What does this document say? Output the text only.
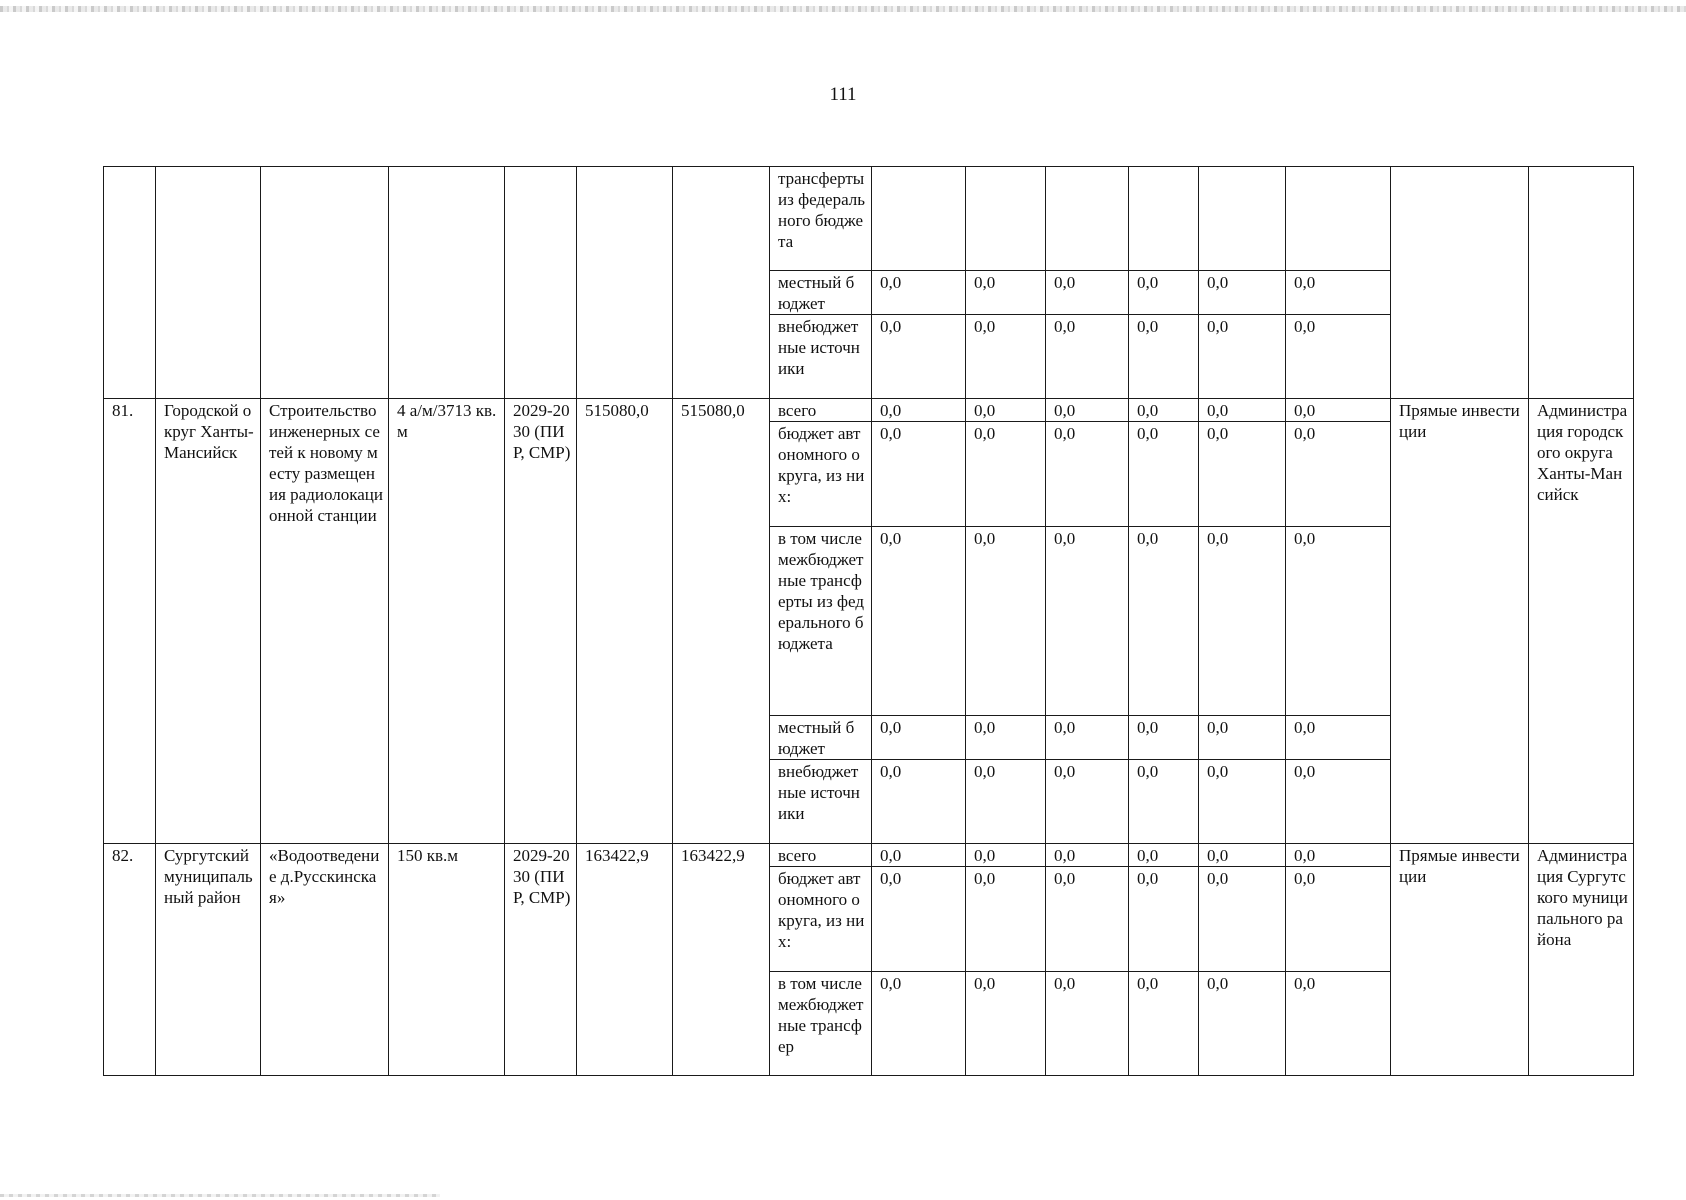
111
							трансферты из федерального бюджета								
							местный бюджет	0,0	0,0	0,0	0,0	0,0	0,0		
							внебюджетные источники	0,0	0,0	0,0	0,0	0,0	0,0		
81.	Городской округ Ханты-Мансийск	Строительство инженерных сетей к новому месту размещения радиолокационной станции	4 а/м/3713 кв.м	2029-2030 (ПИР, СМР)	515080,0	515080,0	всего	0,0	0,0	0,0	0,0	0,0	0,0	Прямые инвестиции	Администрация городского округа Ханты-Мансийск
							бюджет автономного округа, из них:	0,0	0,0	0,0	0,0	0,0	0,0		
							в том числе межбюджетные трансферты из федерального бюджета	0,0	0,0	0,0	0,0	0,0	0,0		
							местный бюджет	0,0	0,0	0,0	0,0	0,0	0,0		
							внебюджетные источники	0,0	0,0	0,0	0,0	0,0	0,0		
82.	Сургутский муниципальный район	«Водоотведение д.Русскинская»	150 кв.м	2029-2030 (ПИР, СМР)	163422,9	163422,9	всего	0,0	0,0	0,0	0,0	0,0	0,0	Прямые инвестиции	Администрация Сургутского муниципального района
							бюджет автономного округа, из них:	0,0	0,0	0,0	0,0	0,0	0,0		
							в том числе межбюджетные трансфер	0,0	0,0	0,0	0,0	0,0	0,0		
